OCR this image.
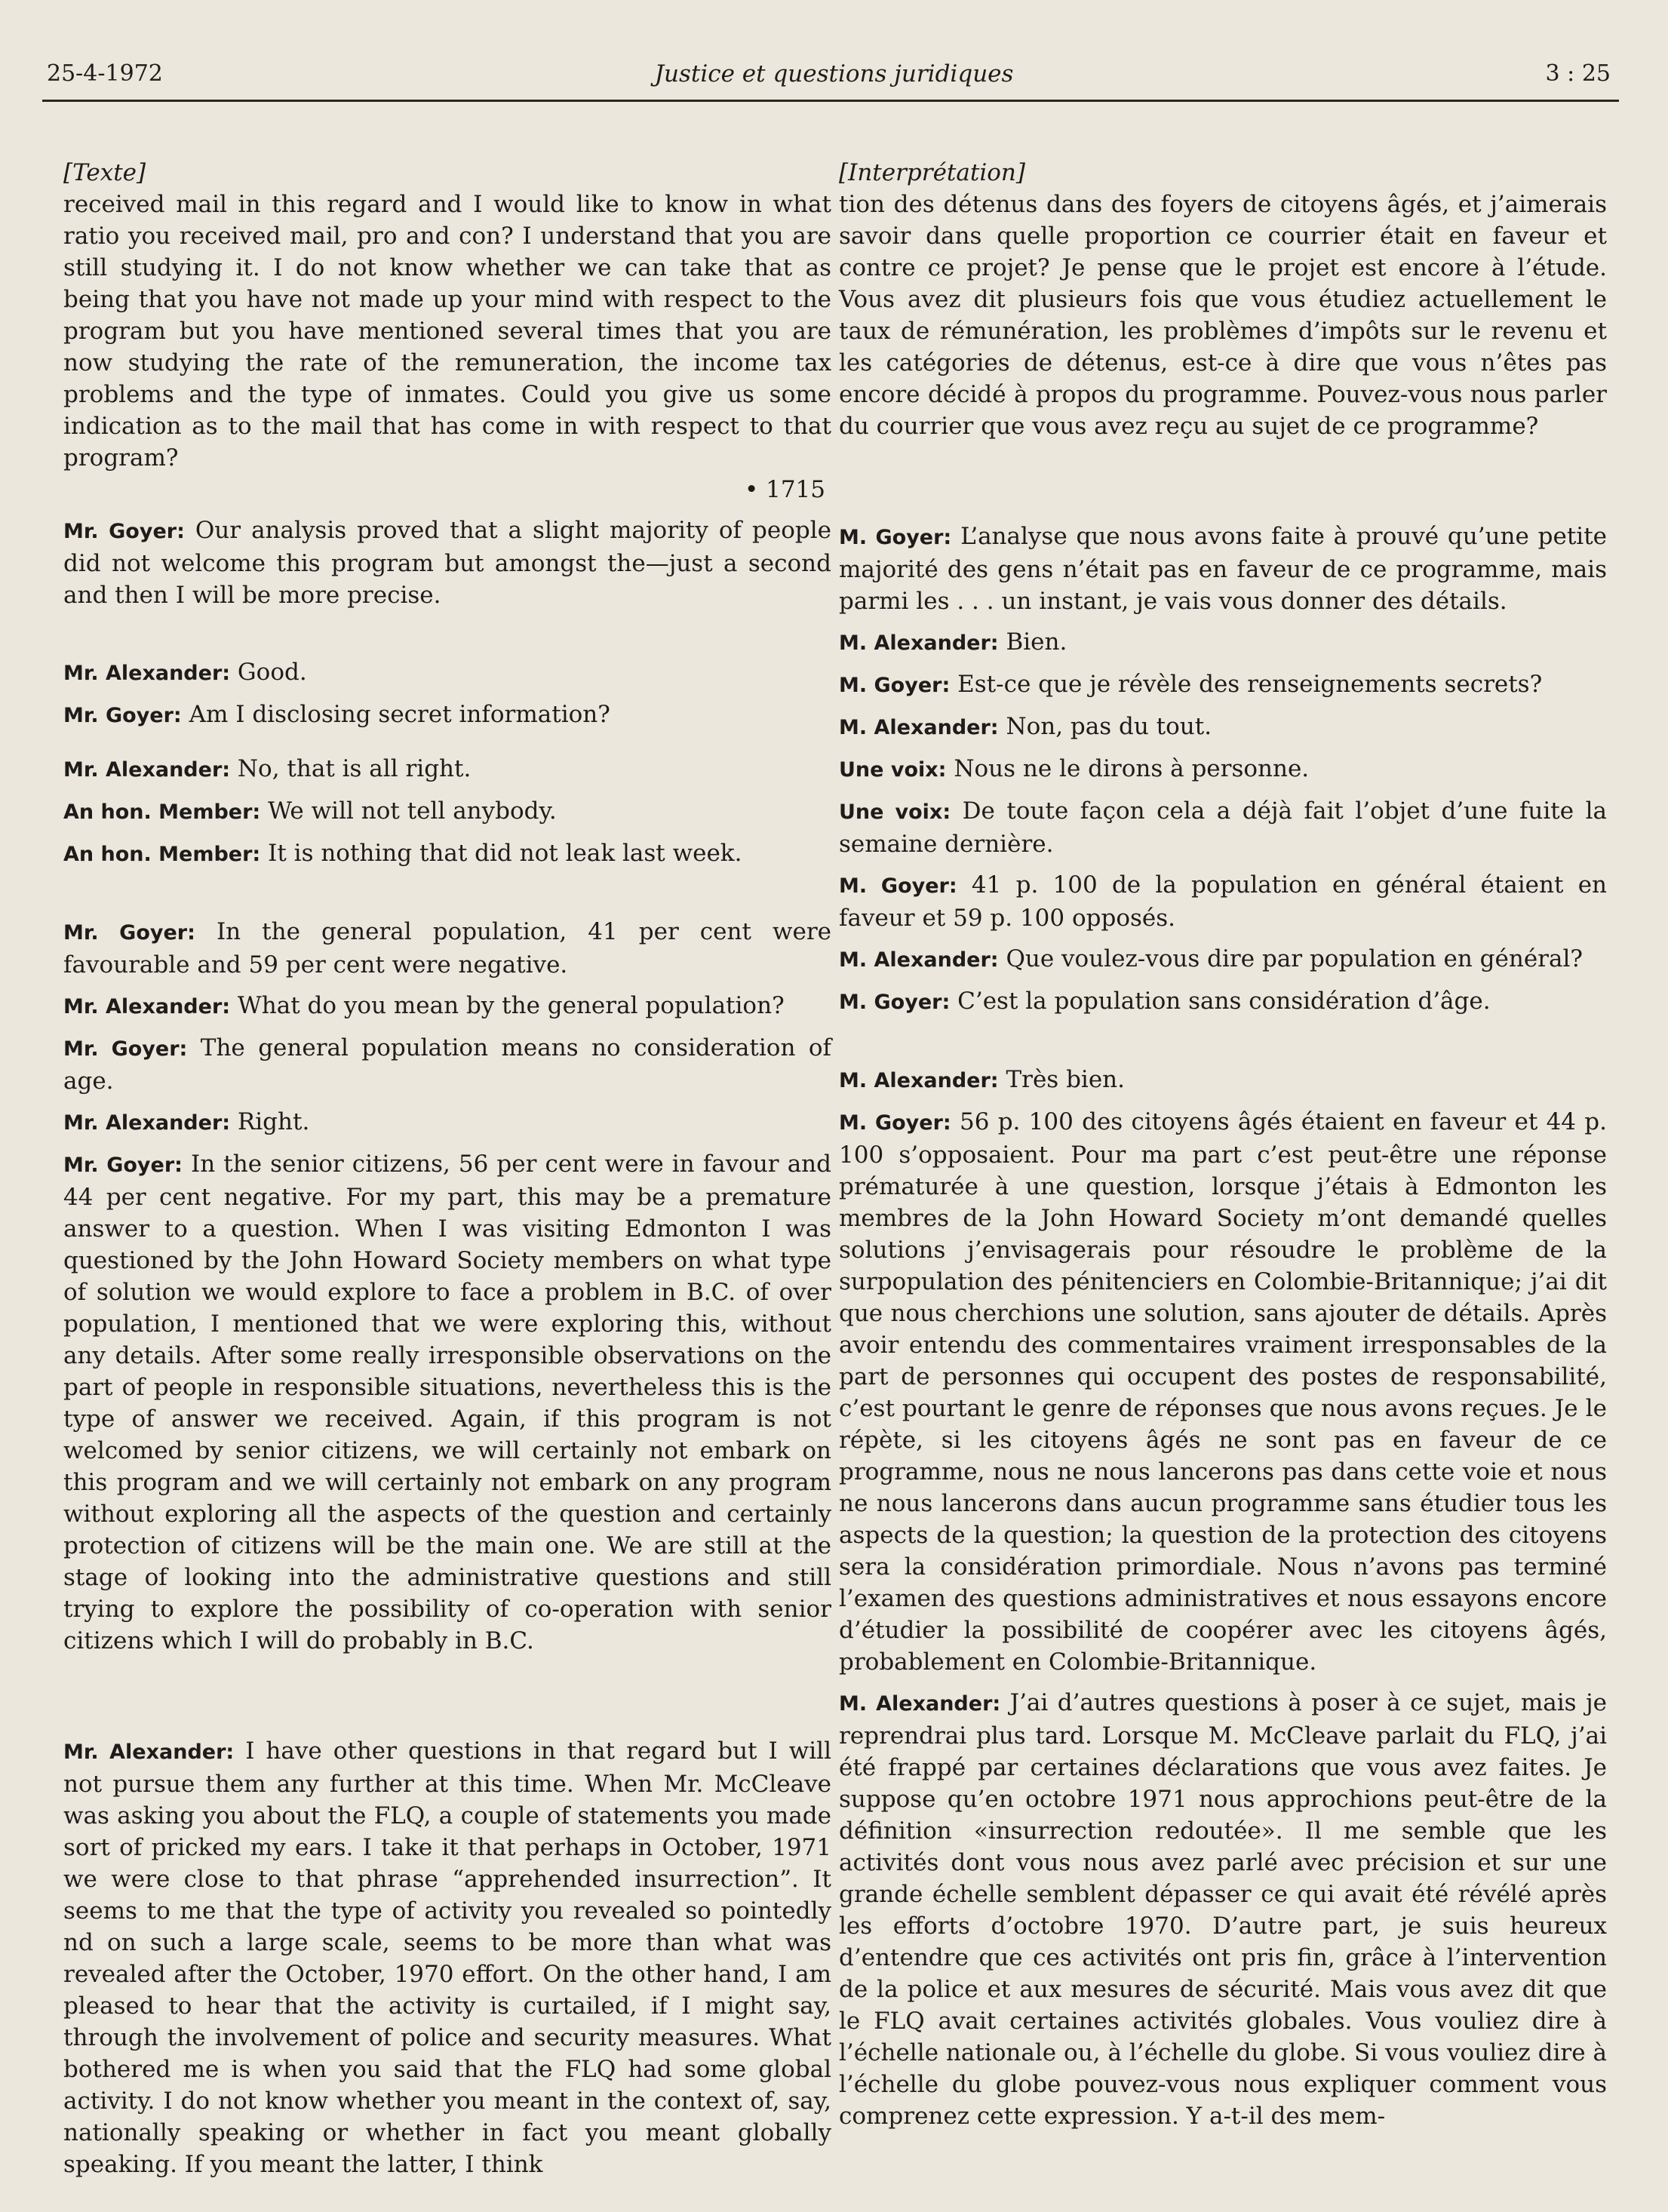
25-4-1972	Justice et questions juridiques	3 : 25

[Texte]

received mail in this regard and I would like to know in what ratio you received mail, pro and con? I understand that you are still studying it. I do not know whether we can take that as being that you have not made up your mind with respect to the program but you have mentioned several times that you are now studying the rate of the remuneration, the income tax problems and the type of inmates. Could you give us some indication as to the mail that has come in with respect to that program?

• 1715

Mr. Goyer: Our analysis proved that a slight majority of people did not welcome this program but amongst the—just a second and then I will be more precise.

Mr. Alexander: Good.

Mr. Goyer: Am I disclosing secret information?

Mr. Alexander: No, that is all right.

An hon. Member: We will not tell anybody.

An hon. Member: It is nothing that did not leak last week.

Mr. Goyer: In the general population, 41 per cent were favourable and 59 per cent were negative.

Mr. Alexander: What do you mean by the general population?

Mr. Goyer: The general population means no consideration of age.

Mr. Alexander: Right.

Mr. Goyer: In the senior citizens, 56 per cent were in favour and 44 per cent negative. For my part, this may be a premature answer to a question. When I was visiting Edmonton I was questioned by the John Howard Society members on what type of solution we would explore to face a problem in B.C. of over population, I mentioned that we were exploring this, without any details. After some really irresponsible observations on the part of people in responsible situations, nevertheless this is the type of answer we received. Again, if this program is not welcomed by senior citizens, we will certainly not embark on this program and we will certainly not embark on any program without exploring all the aspects of the question and certainly protection of citizens will be the main one. We are still at the stage of looking into the administrative questions and still trying to explore the possibility of co-operation with senior citizens which I will do probably in B.C.

Mr. Alexander: I have other questions in that regard but I will not pursue them any further at this time. When Mr. McCleave was asking you about the FLQ, a couple of statements you made sort of pricked my ears. I take it that perhaps in October, 1971 we were close to that phrase “apprehended insurrection”. It seems to me that the type of activity you revealed so pointedly nd on such a large scale, seems to be more than what was revealed after the October, 1970 effort. On the other hand, I am pleased to hear that the activity is curtailed, if I might say, through the involvement of police and security measures. What bothered me is when you said that the FLQ had some global activity. I do not know whether you meant in the context of, say, nationally speaking or whether in fact you meant globally speaking. If you meant the latter, I think

[Interprétation]

tion des détenus dans des foyers de citoyens âgés, et j’aimerais savoir dans quelle proportion ce courrier était en faveur et contre ce projet? Je pense que le projet est encore à l’étude. Vous avez dit plusieurs fois que vous étudiez actuellement le taux de rémunération, les problèmes d’impôts sur le revenu et les catégories de détenus, est-ce à dire que vous n’êtes pas encore décidé à propos du programme. Pouvez-vous nous parler du courrier que vous avez reçu au sujet de ce programme?

M. Goyer: L’analyse que nous avons faite à prouvé qu’une petite majorité des gens n’était pas en faveur de ce programme, mais parmi les . . . un instant, je vais vous donner des détails.

M. Alexander: Bien.

M. Goyer: Est-ce que je révèle des renseignements secrets?

M. Alexander: Non, pas du tout.

Une voix: Nous ne le dirons à personne.

Une voix: De toute façon cela a déjà fait l’objet d’une fuite la semaine dernière.

M. Goyer: 41 p. 100 de la population en général étaient en faveur et 59 p. 100 opposés.

M. Alexander: Que voulez-vous dire par population en général?

M. Goyer: C’est la population sans considération d’âge.

M. Alexander: Très bien.

M. Goyer: 56 p. 100 des citoyens âgés étaient en faveur et 44 p. 100 s’opposaient. Pour ma part c’est peut-être une réponse prématurée à une question, lorsque j’étais à Edmonton les membres de la John Howard Society m’ont demandé quelles solutions j’envisagerais pour résoudre le problème de la surpopulation des pénitenciers en Colombie-Britannique; j’ai dit que nous cherchions une solution, sans ajouter de détails. Après avoir entendu des commentaires vraiment irresponsables de la part de personnes qui occupent des postes de responsabilité, c’est pourtant le genre de réponses que nous avons reçues. Je le répète, si les citoyens âgés ne sont pas en faveur de ce programme, nous ne nous lancerons pas dans cette voie et nous ne nous lancerons dans aucun programme sans étudier tous les aspects de la question; la question de la protection des citoyens sera la considération primordiale. Nous n’avons pas terminé l’examen des questions administratives et nous essayons encore d’étudier la possibilité de coopérer avec les citoyens âgés, probablement en Colombie-Britannique.

M. Alexander: J’ai d’autres questions à poser à ce sujet, mais je reprendrai plus tard. Lorsque M. McCleave parlait du FLQ, j’ai été frappé par certaines déclarations que vous avez faites. Je suppose qu’en octobre 1971 nous approchions peut-être de la définition «insurrection redoutée». Il me semble que les activités dont vous nous avez parlé avec précision et sur une grande échelle semblent dépasser ce qui avait été révélé après les efforts d’octobre 1970. D’autre part, je suis heureux d’entendre que ces activités ont pris fin, grâce à l’intervention de la police et aux mesures de sécurité. Mais vous avez dit que le FLQ avait certaines activités globales. Vous vouliez dire à l’échelle nationale ou, à l’échelle du globe. Si vous vouliez dire à l’échelle du globe pouvez-vous nous expliquer comment vous comprenez cette expression. Y a-t-il des mem-
